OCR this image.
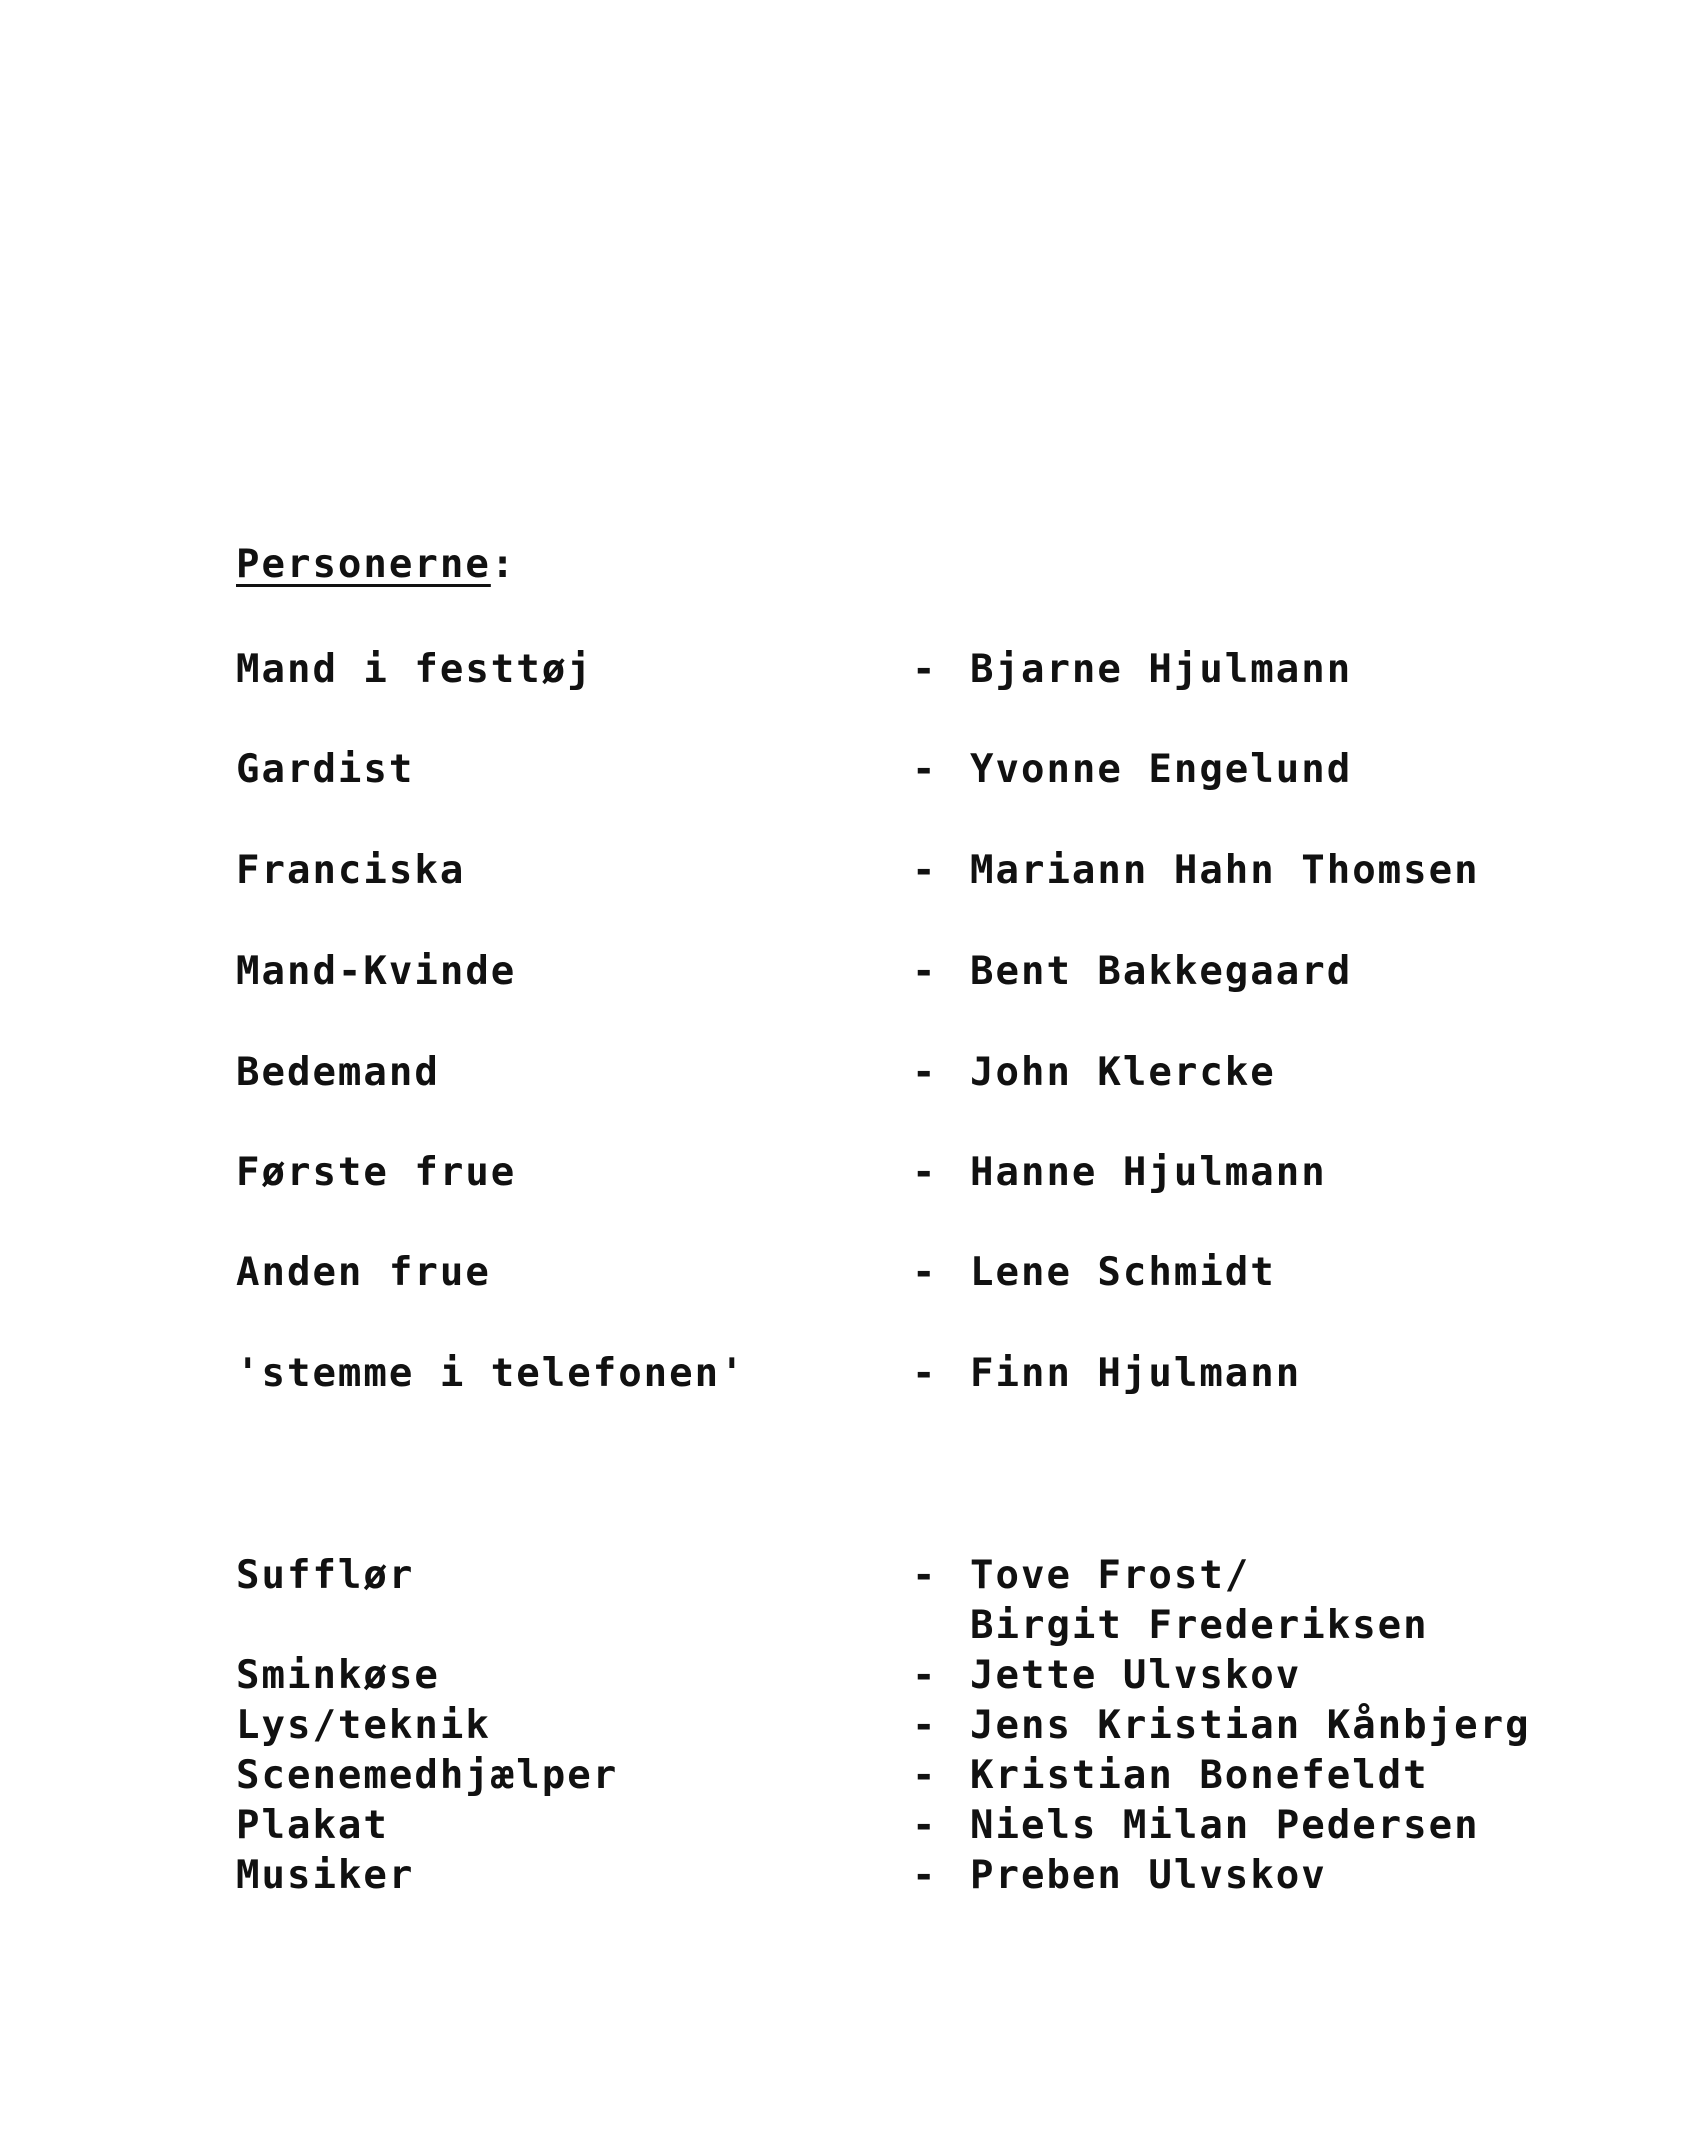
Personerne:
Mand i festtøj	- Bjarne Hjulmann
Gardist	- Yvonne Engelund
Franciska	- Mariann Hahn Thomsen
Mand-Kvinde	- Bent Bakkegaard
Bedemand	- John Klercke
Første frue	- Hanne Hjulmann
Anden frue	- Lene Schmidt
'stemme i telefonen'	- Finn Hjulmann
Sufflør	- Tove Frost/
Birgit Frederiksen
Sminkøse	- Jette Ulvskov
Lys/teknik	- Jens Kristian Kånbjerg
Scenemedhjælper	- Kristian Bonefeldt
Plakat	- Niels Milan Pedersen
Musiker	- Preben Ulvskov
